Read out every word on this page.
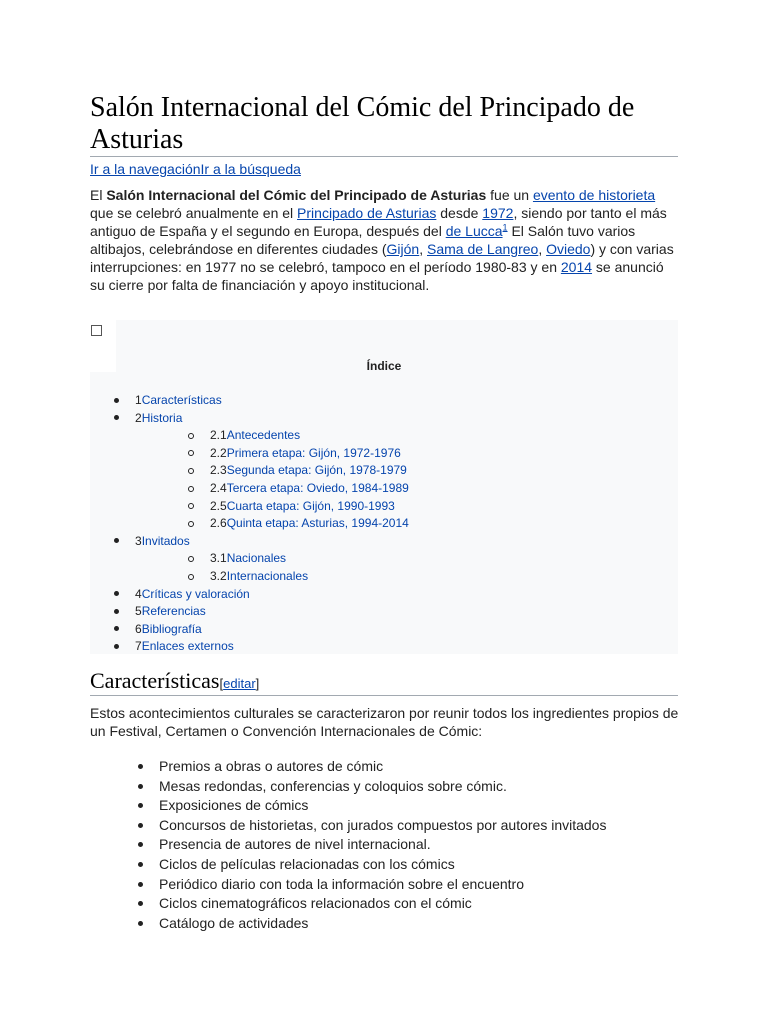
Salón Internacional del Cómic del Principado de Asturias
Ir a la navegaciónIr a la búsqueda

El Salón Internacional del Cómic del Principado de Asturias fue un evento de historieta que se celebró anualmente en el Principado de Asturias desde 1972, siendo por tanto el más antiguo de España y el segundo en Europa, después del de Lucca$^1$ El Salón tuvo varios altibajos, celebrándose en diferentes ciudades (Gijón, Sama de Langreo, Oviedo) y con varias interrupciones: en 1977 no se celebró, tampoco en el período 1980-83 y en 2014 se anunció su cierre por falta de financiación y apoyo institucional.

Índice
1Características
2Historia
2.1Antecedentes
2.2Primera etapa: Gijón, 1972-1976
2.3Segunda etapa: Gijón, 1978-1979
2.4Tercera etapa: Oviedo, 1984-1989
2.5Cuarta etapa: Gijón, 1990-1993
2.6Quinta etapa: Asturias, 1994-2014
3Invitados
3.1Nacionales
3.2Internacionales
4Críticas y valoración
5Referencias
6Bibliografía
7Enlaces externos
Características[editar]

Estos acontecimientos culturales se caracterizaron por reunir todos los ingredientes propios de un Festival, Certamen o Convención Internacionales de Cómic:

Premios a obras o autores de cómic
Mesas redondas, conferencias y coloquios sobre cómic.
Exposiciones de cómics
Concursos de historietas, con jurados compuestos por autores invitados
Presencia de autores de nivel internacional.
Ciclos de películas relacionadas con los cómics
Periódico diario con toda la información sobre el encuentro
Ciclos cinematográficos relacionados con el cómic
Catálogo de actividades
